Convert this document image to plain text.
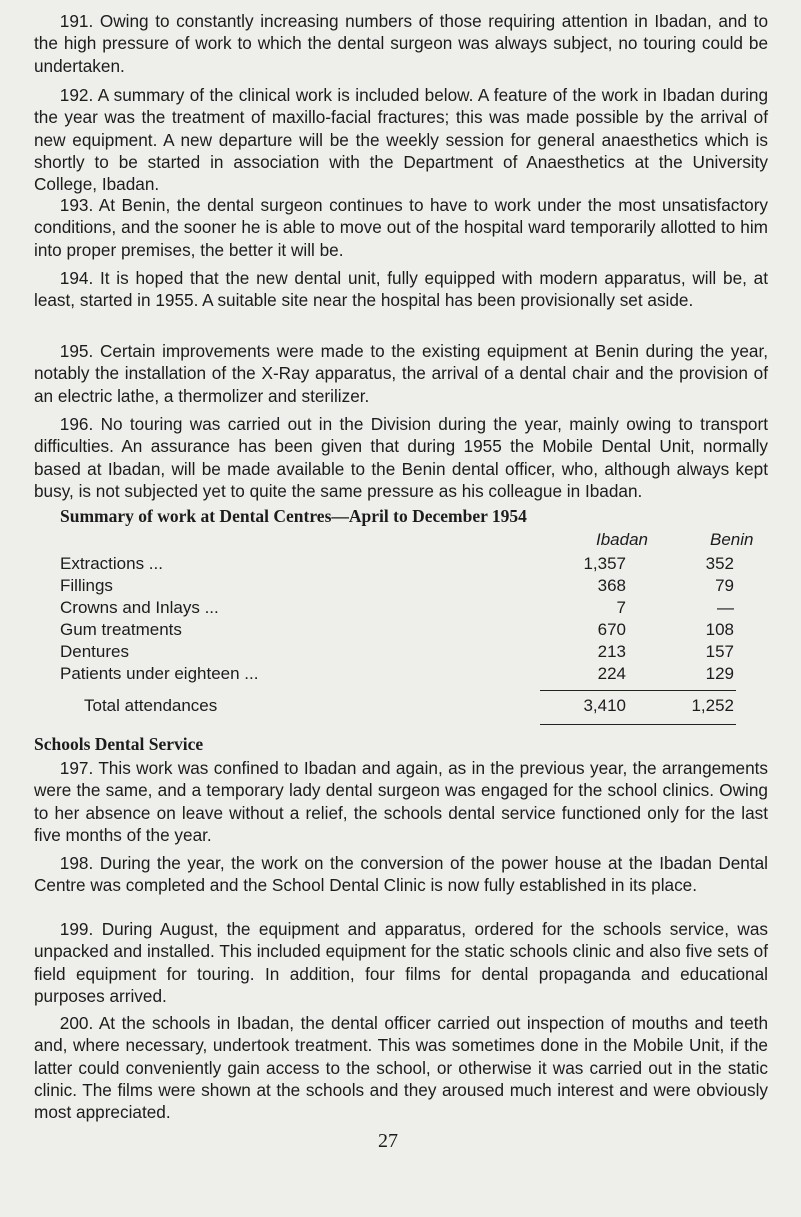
  191. Owing to constantly increasing numbers of those requiring attention in Ibadan, and to the high pressure of work to which the dental surgeon was always subject, no touring could be undertaken.

  192. A summary of the clinical work is included below. A feature of the work in Ibadan during the year was the treatment of maxillo-facial fractures; this was made possible by the arrival of new equipment. A new departure will be the weekly session for general anaesthetics which is shortly to be started in association with the Department of Anaesthetics at the University College, Ibadan.

  193. At Benin, the dental surgeon continues to have to work under the most unsatisfactory conditions, and the sooner he is able to move out of the hospital ward temporarily allotted to him into proper premises, the better it will be.

  194. It is hoped that the new dental unit, fully equipped with modern apparatus, will be, at least, started in 1955. A suitable site near the hospital has been provisionally set aside.

  195. Certain improvements were made to the existing equipment at Benin during the year, notably the installation of the X-Ray apparatus, the arrival of a dental chair and the provision of an electric lathe, a thermolizer and sterilizer.

  196. No touring was carried out in the Division during the year, mainly owing to transport difficulties. An assurance has been given that during 1955 the Mobile Dental Unit, normally based at Ibadan, will be made available to the Benin dental officer, who, although always kept busy, is not subjected yet to quite the same pressure as his colleague in Ibadan.

Summary of work at Dental Centres—April to December 1954
Ibadan	Benin
Extractions ...	1,357	352
Fillings	368	79
Crowns and Inlays ...	7	—
Gum treatments	670	108
Dentures	213	157
Patients under eighteen ...	224	129
Total attendances	3,410	1,252
Schools Dental Service

  197. This work was confined to Ibadan and again, as in the previous year, the arrangements were the same, and a temporary lady dental surgeon was engaged for the school clinics. Owing to her absence on leave without a relief, the schools dental service functioned only for the last five months of the year.

  198. During the year, the work on the conversion of the power house at the Ibadan Dental Centre was completed and the School Dental Clinic is now fully established in its place.

  199. During August, the equipment and apparatus, ordered for the schools service, was unpacked and installed. This included equipment for the static schools clinic and also five sets of field equipment for touring. In addition, four films for dental propaganda and educational purposes arrived.

  200. At the schools in Ibadan, the dental officer carried out inspection of mouths and teeth and, where necessary, undertook treatment. This was sometimes done in the Mobile Unit, if the latter could conveniently gain access to the school, or otherwise it was carried out in the static clinic. The films were shown at the schools and they aroused much interest and were obviously most appreciated.

27
